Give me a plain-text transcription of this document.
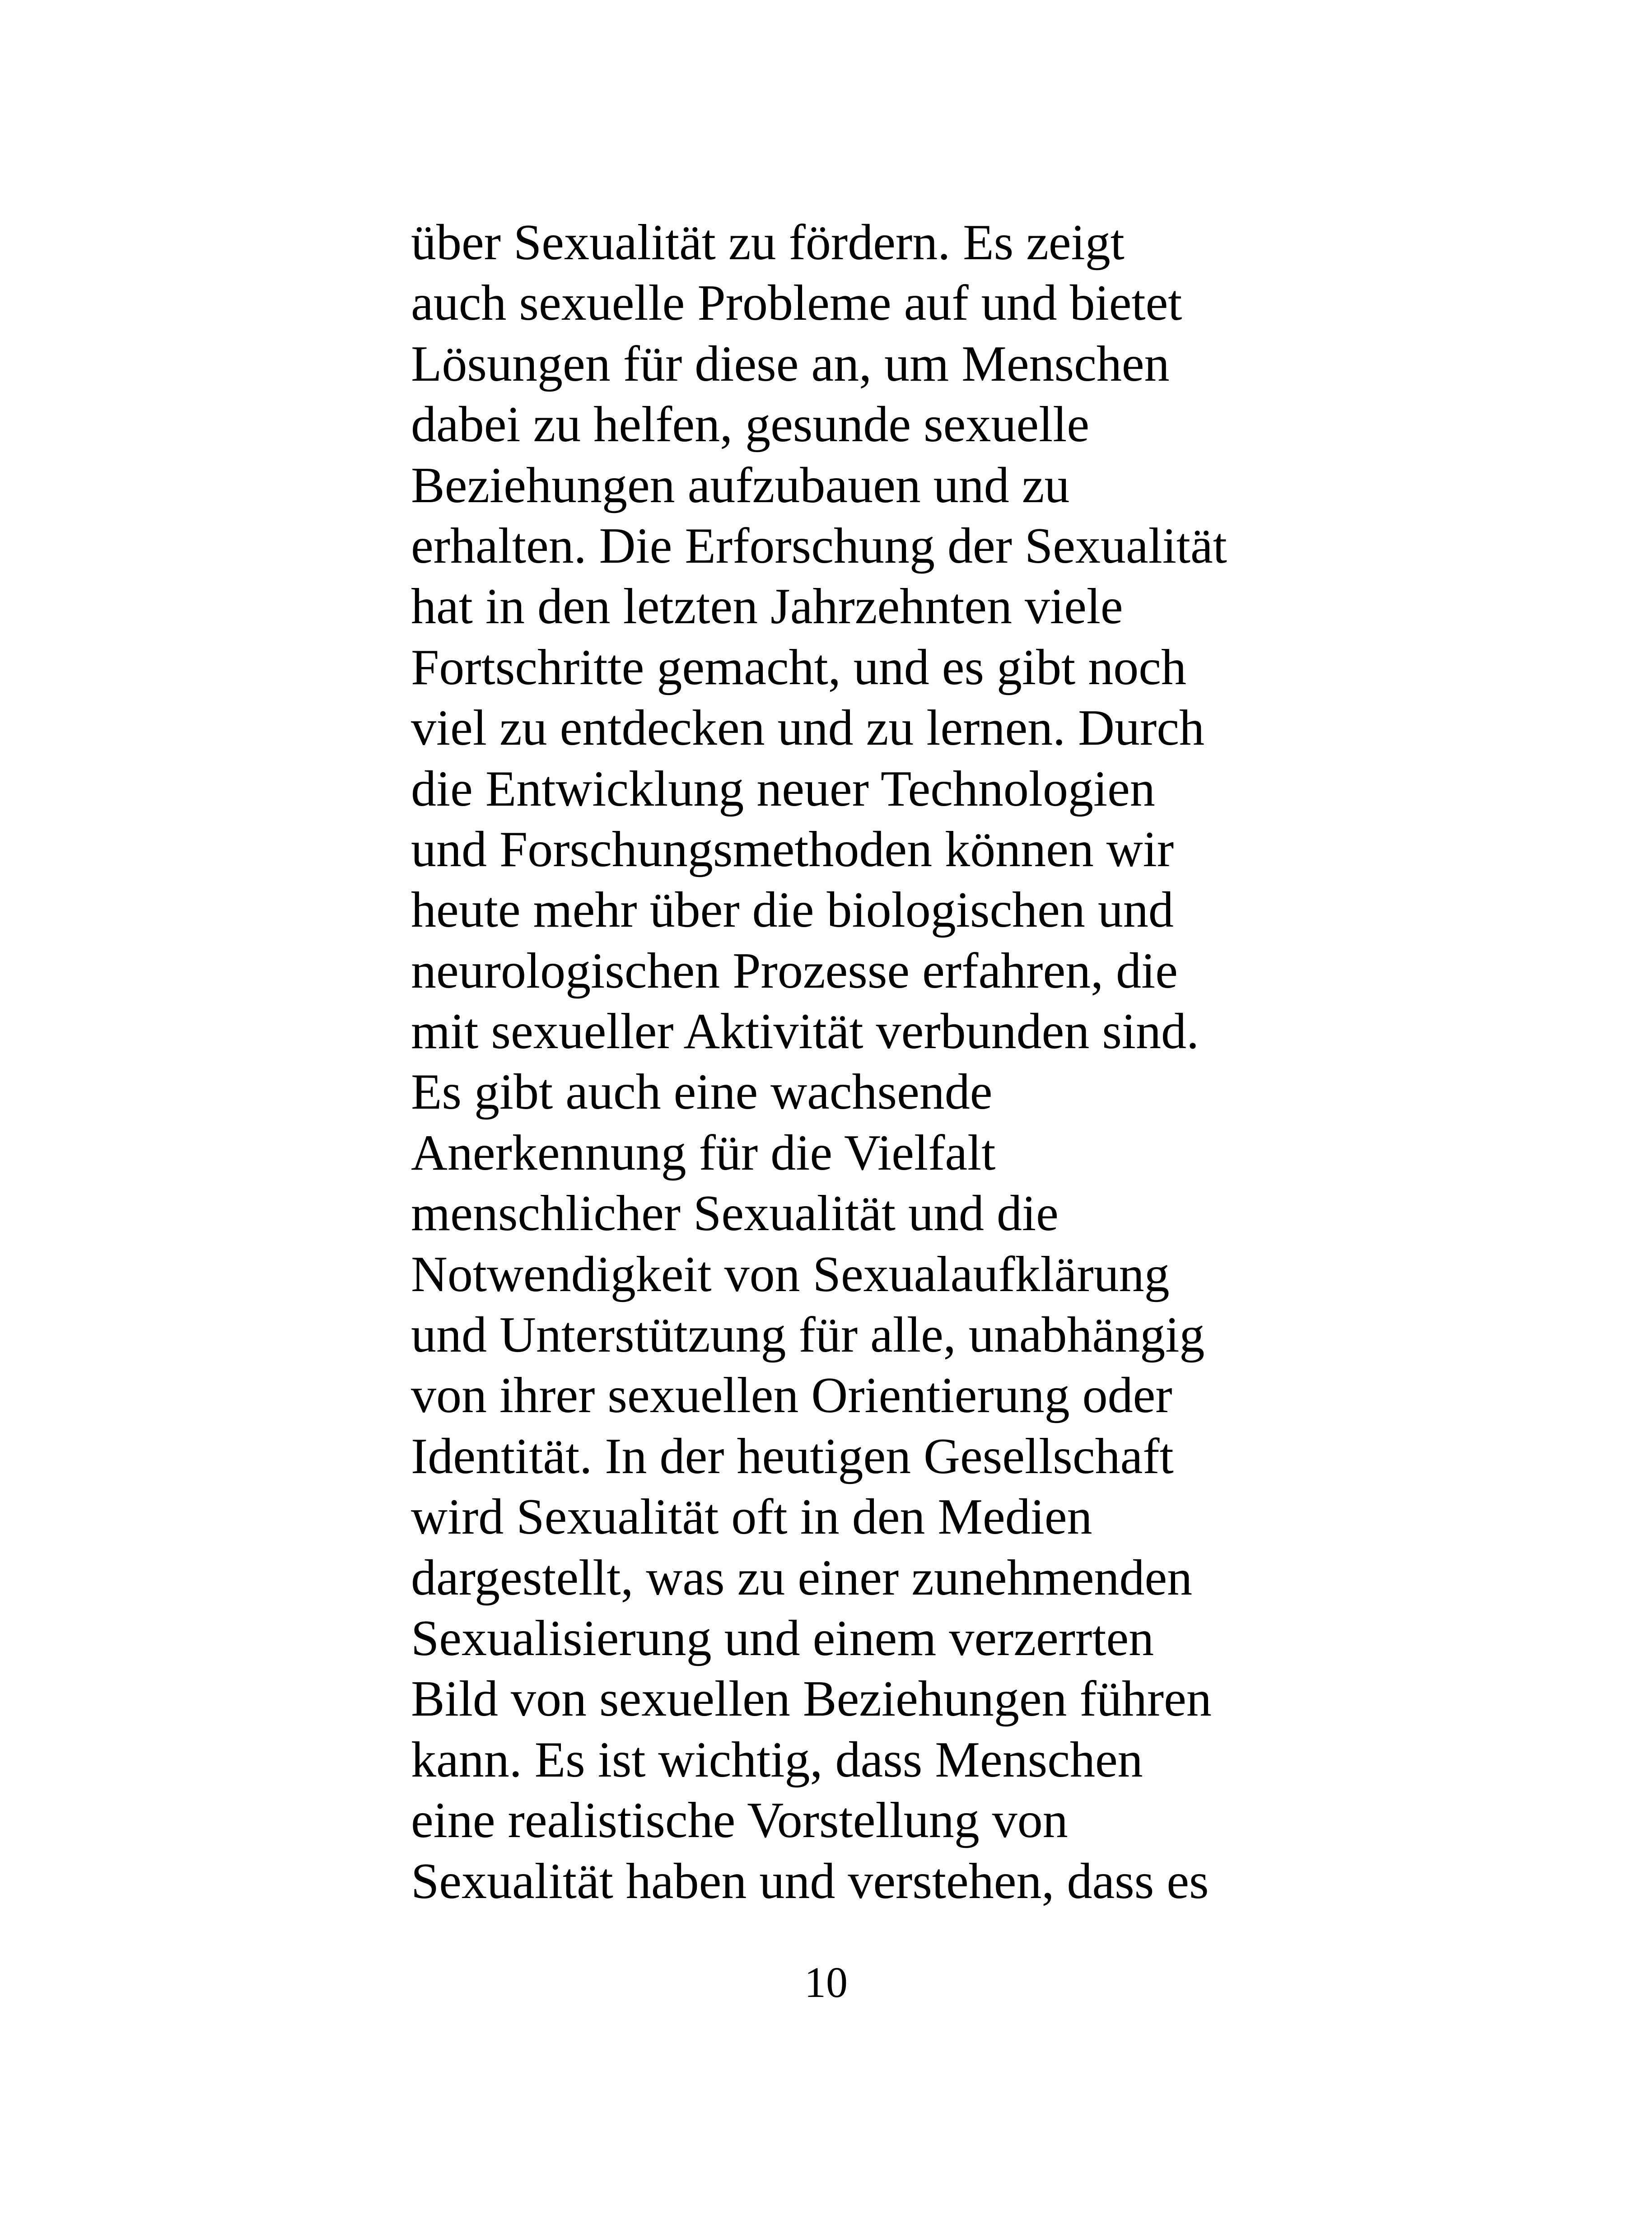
über Sexualität zu fördern. Es zeigt
auch sexuelle Probleme auf und bietet
Lösungen für diese an, um Menschen
dabei zu helfen, gesunde sexuelle
Beziehungen aufzubauen und zu
erhalten. Die Erforschung der Sexualität
hat in den letzten Jahrzehnten viele
Fortschritte gemacht, und es gibt noch
viel zu entdecken und zu lernen. Durch
die Entwicklung neuer Technologien
und Forschungsmethoden können wir
heute mehr über die biologischen und
neurologischen Prozesse erfahren, die
mit sexueller Aktivität verbunden sind.
Es gibt auch eine wachsende
Anerkennung für die Vielfalt
menschlicher Sexualität und die
Notwendigkeit von Sexualaufklärung
und Unterstützung für alle, unabhängig
von ihrer sexuellen Orientierung oder
Identität. In der heutigen Gesellschaft
wird Sexualität oft in den Medien
dargestellt, was zu einer zunehmenden
Sexualisierung und einem verzerrten
Bild von sexuellen Beziehungen führen
kann. Es ist wichtig, dass Menschen
eine realistische Vorstellung von
Sexualität haben und verstehen, dass es
10
